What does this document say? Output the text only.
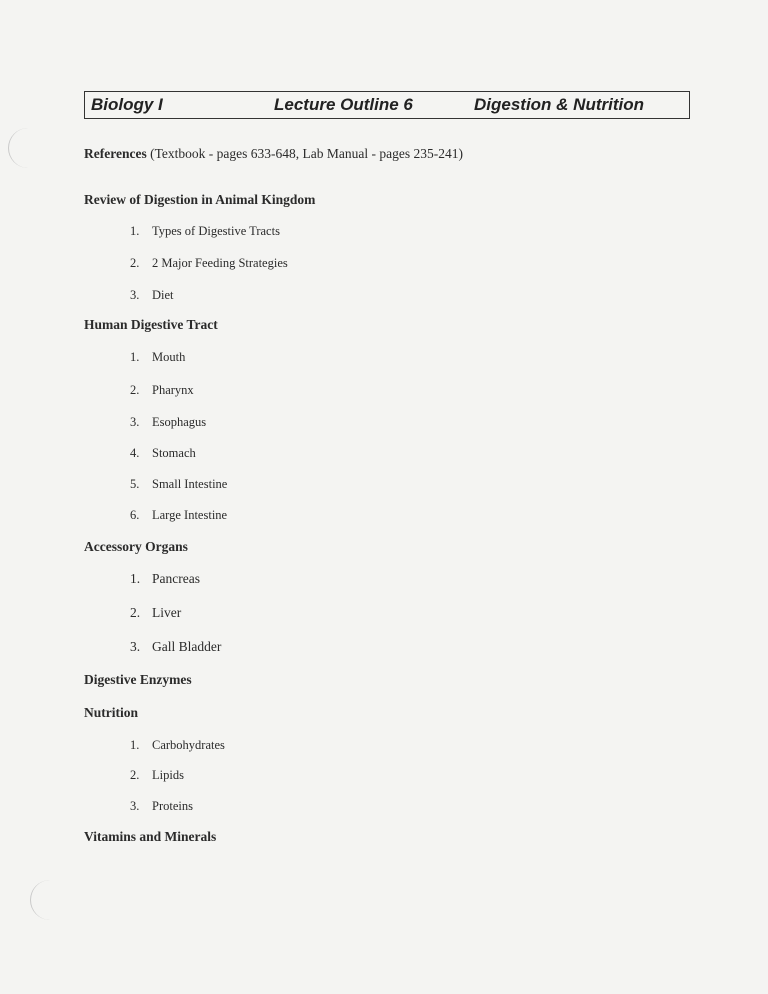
Biology I	Lecture Outline 6	Digestion & Nutrition
References (Textbook - pages 633-648, Lab Manual - pages 235-241)
Review of Digestion in Animal Kingdom
1. Types of Digestive Tracts
2. 2 Major Feeding Strategies
3. Diet
Human Digestive Tract
1. Mouth
2. Pharynx
3. Esophagus
4. Stomach
5. Small Intestine
6. Large Intestine
Accessory Organs
1. Pancreas
2. Liver
3. Gall Bladder
Digestive Enzymes
Nutrition
1. Carbohydrates
2. Lipids
3. Proteins
Vitamins and Minerals
